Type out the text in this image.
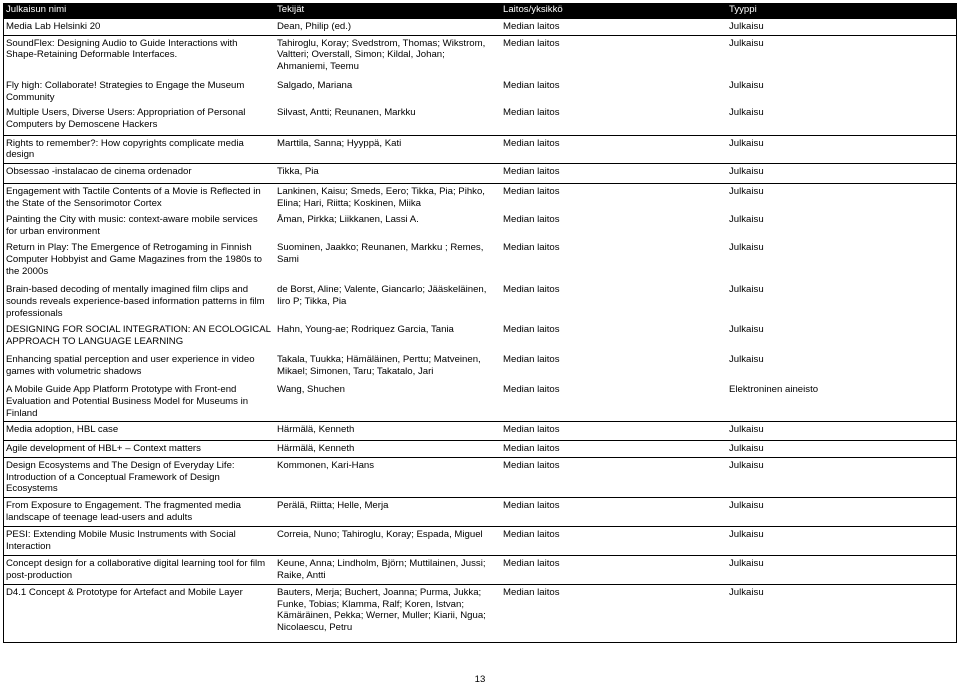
Julkaisun nimi	Tekijät	Laitos/yksikkö	Tyyppi
Media Lab Helsinki 20	Dean, Philip (ed.)	Median laitos	Julkaisu
SoundFlex: Designing Audio to Guide Interactions with Shape-Retaining Deformable Interfaces.	Tahiroglu, Koray; Svedstrom, Thomas; Wikstrom, Valtteri; Overstall, Simon; Kildal, Johan; Ahmaniemi, Teemu	Median laitos	Julkaisu
Fly high: Collaborate! Strategies to Engage the Museum Community	Salgado, Mariana	Median laitos	Julkaisu
Multiple Users, Diverse Users: Appropriation of Personal Computers by Demoscene Hackers	Silvast, Antti; Reunanen, Markku	Median laitos	Julkaisu
Rights to remember?: How copyrights complicate media design	Marttila, Sanna; Hyyppä, Kati	Median laitos	Julkaisu
Obsessao -instalacao de cinema ordenador	Tikka, Pia	Median laitos	Julkaisu
Engagement with Tactile Contents of a Movie is Reflected in the State of the Sensorimotor Cortex	Lankinen, Kaisu; Smeds, Eero; Tikka, Pia; Pihko, Elina; Hari, Riitta; Koskinen, Miika	Median laitos	Julkaisu
Painting the City with music: context-aware mobile services for urban environment	Åman, Pirkka; Liikkanen, Lassi A.	Median laitos	Julkaisu
Return in Play: The Emergence of Retrogaming in Finnish Computer Hobbyist and Game Magazines from the 1980s to the 2000s	Suominen, Jaakko; Reunanen, Markku ; Remes, Sami	Median laitos	Julkaisu
Brain-based decoding of mentally imagined film clips and sounds reveals experience-based information patterns in film professionals	de Borst, Aline; Valente, Giancarlo; Jääskeläinen, Iiro P; Tikka, Pia	Median laitos	Julkaisu
DESIGNING FOR SOCIAL INTEGRATION: AN ECOLOGICAL APPROACH TO LANGUAGE LEARNING	Hahn, Young-ae; Rodriquez Garcia, Tania	Median laitos	Julkaisu
Enhancing spatial perception and user experience in video games with volumetric shadows	Takala, Tuukka; Hämäläinen, Perttu; Matveinen, Mikael; Simonen, Taru; Takatalo, Jari	Median laitos	Julkaisu
A Mobile Guide App Platform Prototype with Front-end Evaluation and Potential Business Model for Museums in Finland	Wang, Shuchen	Median laitos	Elektroninen aineisto
Media adoption, HBL case	Härmälä, Kenneth	Median laitos	Julkaisu
Agile development of HBL+ – Context matters	Härmälä, Kenneth	Median laitos	Julkaisu
Design Ecosystems and The Design of Everyday Life: Introduction of a Conceptual Framework of Design Ecosystems	Kommonen, Kari-Hans	Median laitos	Julkaisu
From Exposure to Engagement. The fragmented media landscape of teenage lead-users and adults	Perälä, Riitta; Helle, Merja	Median laitos	Julkaisu
PESI: Extending Mobile Music Instruments with Social Interaction	Correia, Nuno; Tahiroglu, Koray; Espada, Miguel	Median laitos	Julkaisu
Concept design for a collaborative digital learning tool for film post-production	Keune, Anna; Lindholm, Björn; Muttilainen, Jussi; Raike, Antti	Median laitos	Julkaisu
D4.1 Concept & Prototype for Artefact and Mobile Layer	Bauters, Merja; Buchert, Joanna; Purma, Jukka; Funke, Tobias; Klamma, Ralf; Koren, Istvan; Kämäräinen, Pekka; Werner, Muller; Kiarii, Ngua; Nicolaescu, Petru	Median laitos	Julkaisu
13
